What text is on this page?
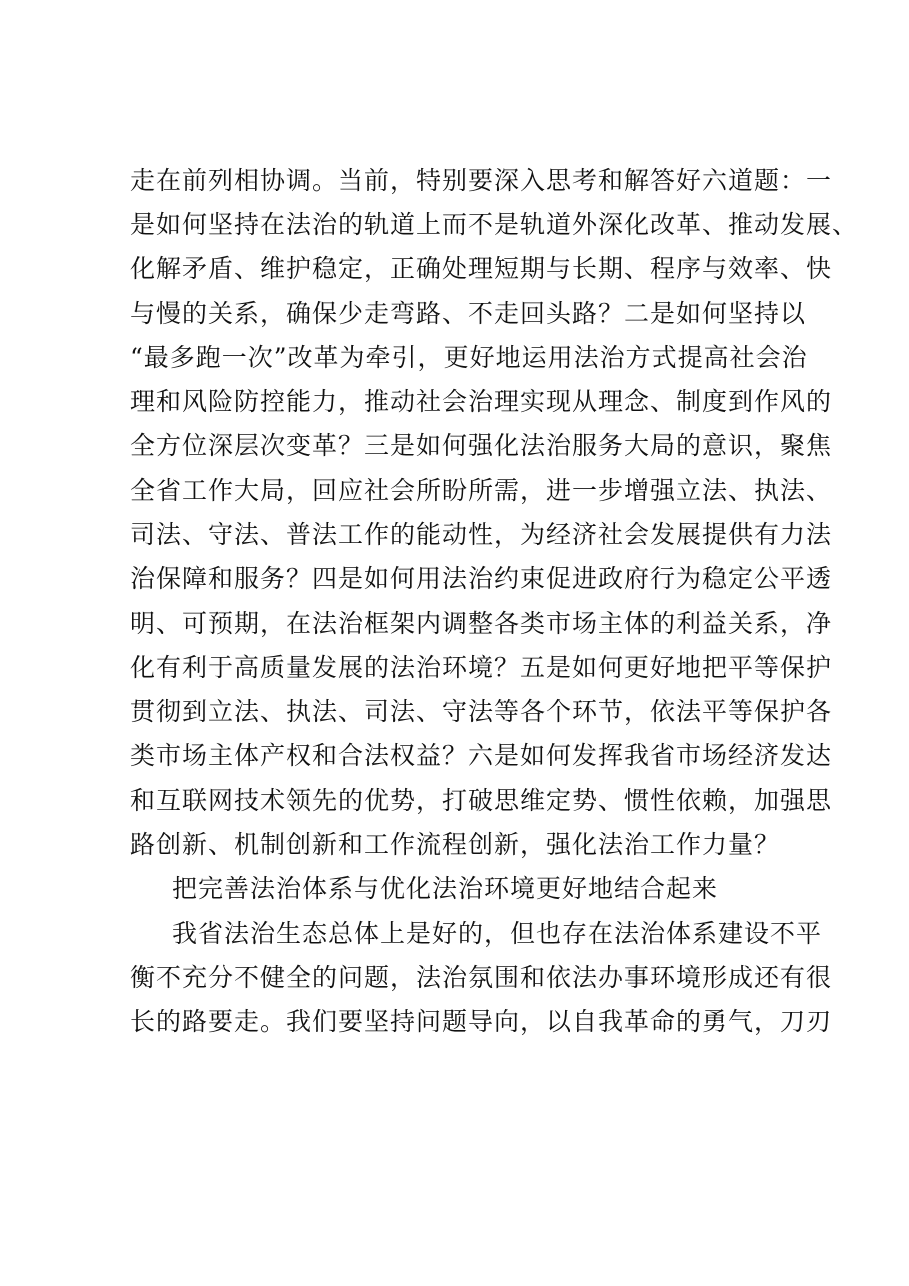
走在前列相协调。当前，特别要深入思考和解答好六道题：一
是如何坚持在法治的轨道上而不是轨道外深化改革、推动发展、
化解矛盾、维护稳定，正确处理短期与长期、程序与效率、快
与慢的关系，确保少走弯路、不走回头路？二是如何坚持以
“最多跑一次”改革为牵引，更好地运用法治方式提高社会治
理和风险防控能力，推动社会治理实现从理念、制度到作风的
全方位深层次变革？三是如何强化法治服务大局的意识，聚焦
全省工作大局，回应社会所盼所需，进一步增强立法、执法、
司法、守法、普法工作的能动性，为经济社会发展提供有力法
治保障和服务？四是如何用法治约束促进政府行为稳定公平透
明、可预期，在法治框架内调整各类市场主体的利益关系，净
化有利于高质量发展的法治环境？五是如何更好地把平等保护
贯彻到立法、执法、司法、守法等各个环节，依法平等保护各
类市场主体产权和合法权益？六是如何发挥我省市场经济发达
和互联网技术领先的优势，打破思维定势、惯性依赖，加强思
路创新、机制创新和工作流程创新，强化法治工作力量？
把完善法治体系与优化法治环境更好地结合起来
我省法治生态总体上是好的，但也存在法治体系建设不平
衡不充分不健全的问题，法治氛围和依法办事环境形成还有很
长的路要走。我们要坚持问题导向，以自我革命的勇气，刀刃
